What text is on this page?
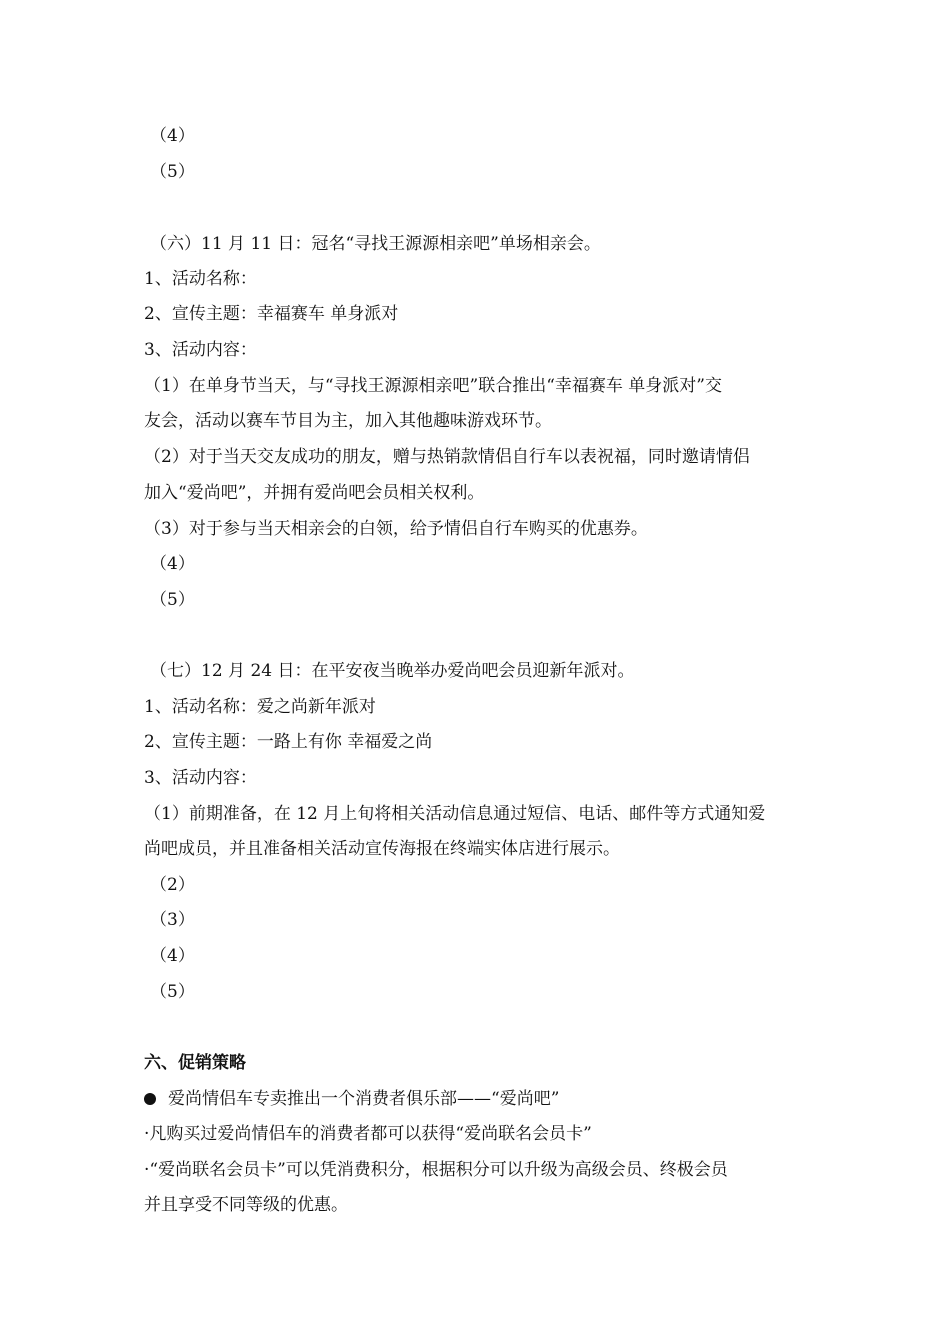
（4）
（5）
（六）11 月 11 日：冠名“寻找王源源相亲吧”单场相亲会。
1、活动名称：
2、宣传主题：幸福赛车 单身派对
3、活动内容：
（1）在单身节当天，与“寻找王源源相亲吧”联合推出“幸福赛车 单身派对”交
友会，活动以赛车节目为主，加入其他趣味游戏环节。
（2）对于当天交友成功的朋友，赠与热销款情侣自行车以表祝福，同时邀请情侣
加入“爱尚吧”，并拥有爱尚吧会员相关权利。
（3）对于参与当天相亲会的白领，给予情侣自行车购买的优惠券。
（4）
（5）
（七）12 月 24 日：在平安夜当晚举办爱尚吧会员迎新年派对。
1、活动名称：爱之尚新年派对
2、宣传主题：一路上有你 幸福爱之尚
3、活动内容：
（1）前期准备，在 12 月上旬将相关活动信息通过短信、电话、邮件等方式通知爱
尚吧成员，并且准备相关活动宣传海报在终端实体店进行展示。
（2）
（3）
（4）
（5）
六、促销策略
爱尚情侣车专卖推出一个消费者俱乐部——“爱尚吧”
·凡购买过爱尚情侣车的消费者都可以获得“爱尚联名会员卡”
·“爱尚联名会员卡”可以凭消费积分，根据积分可以升级为高级会员、终极会员
并且享受不同等级的优惠。
